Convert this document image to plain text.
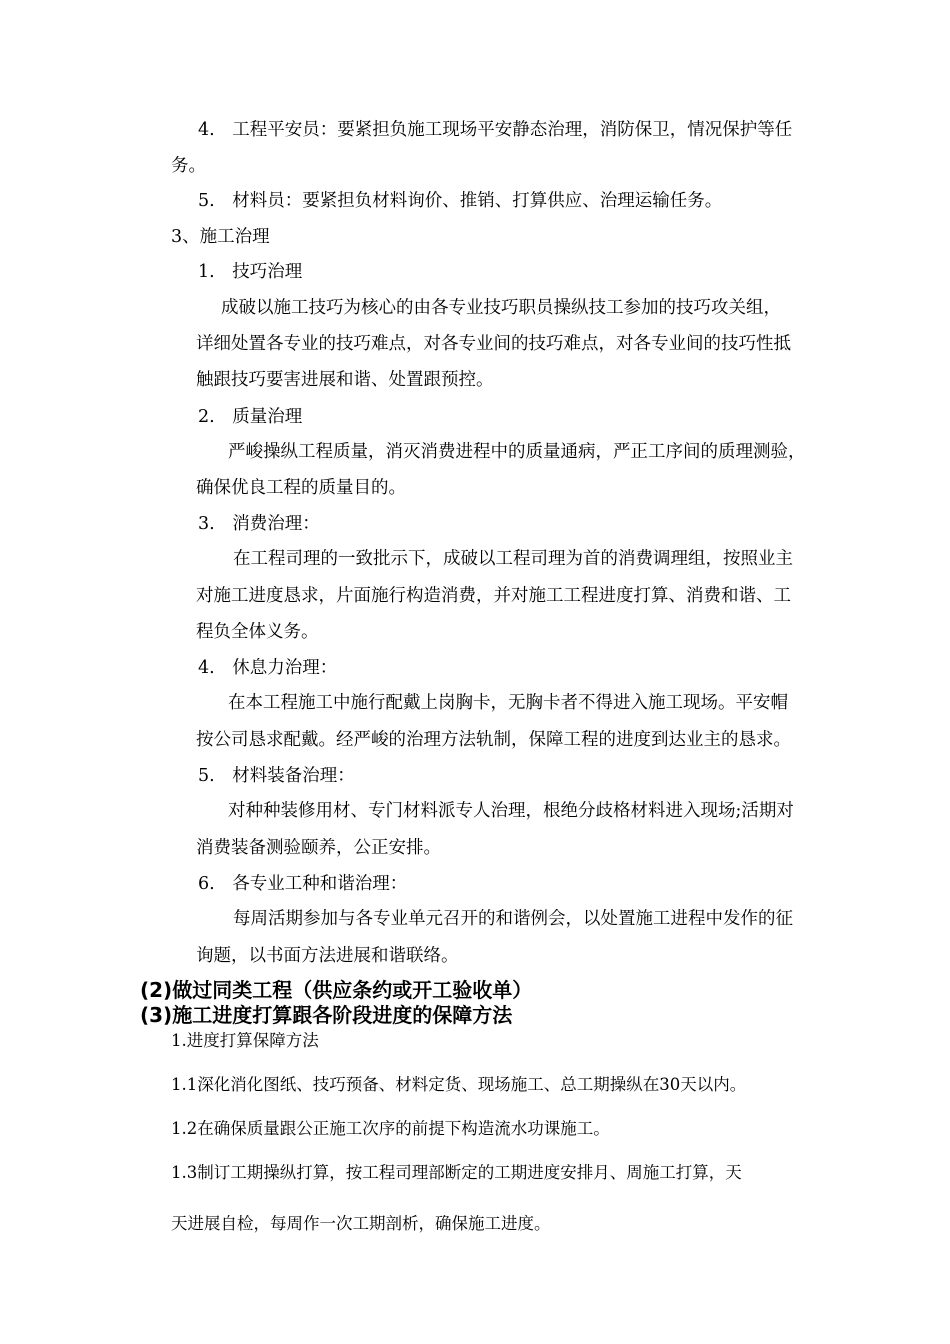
4.　工程平安员：要紧担负施工现场平安静态治理，消防保卫，情况保护等任
务。
5.　材料员：要紧担负材料询价、推销、打算供应、治理运输任务。
3、施工治理
1.　技巧治理
成破以施工技巧为核心的由各专业技巧职员操纵技工参加的技巧攻关组，
详细处置各专业的技巧难点，对各专业间的技巧难点，对各专业间的技巧性抵
触跟技巧要害进展和谐、处置跟预控。
2.　质量治理
严峻操纵工程质量，消灭消费进程中的质量通病，严正工序间的质理测验，
确保优良工程的质量目的。
3.　消费治理：
在工程司理的一致批示下，成破以工程司理为首的消费调理组，按照业主
对施工进度恳求，片面施行构造消费，并对施工工程进度打算、消费和谐、工
程负全体义务。
4.　休息力治理：
在本工程施工中施行配戴上岗胸卡，无胸卡者不得进入施工现场。平安帽
按公司恳求配戴。经严峻的治理方法轨制，保障工程的进度到达业主的恳求。
5.　材料装备治理：
对种种装修用材、专门材料派专人治理，根绝分歧格材料进入现场;活期对
消费装备测验颐养，公正安排。
6.　各专业工种和谐治理：
每周活期参加与各专业单元召开的和谐例会，以处置施工进程中发作的征
询题，以书面方法进展和谐联络。
(2)做过同类工程（供应条约或开工验收单）
(3)施工进度打算跟各阶段进度的保障方法
1.进度打算保障方法
1.1深化消化图纸、技巧预备、材料定货、现场施工、总工期操纵在30天以内。
1.2在确保质量跟公正施工次序的前提下构造流水功课施工。
1.3制订工期操纵打算，按工程司理部断定的工期进度安排月、周施工打算，天
天进展自检，每周作一次工期剖析，确保施工进度。
